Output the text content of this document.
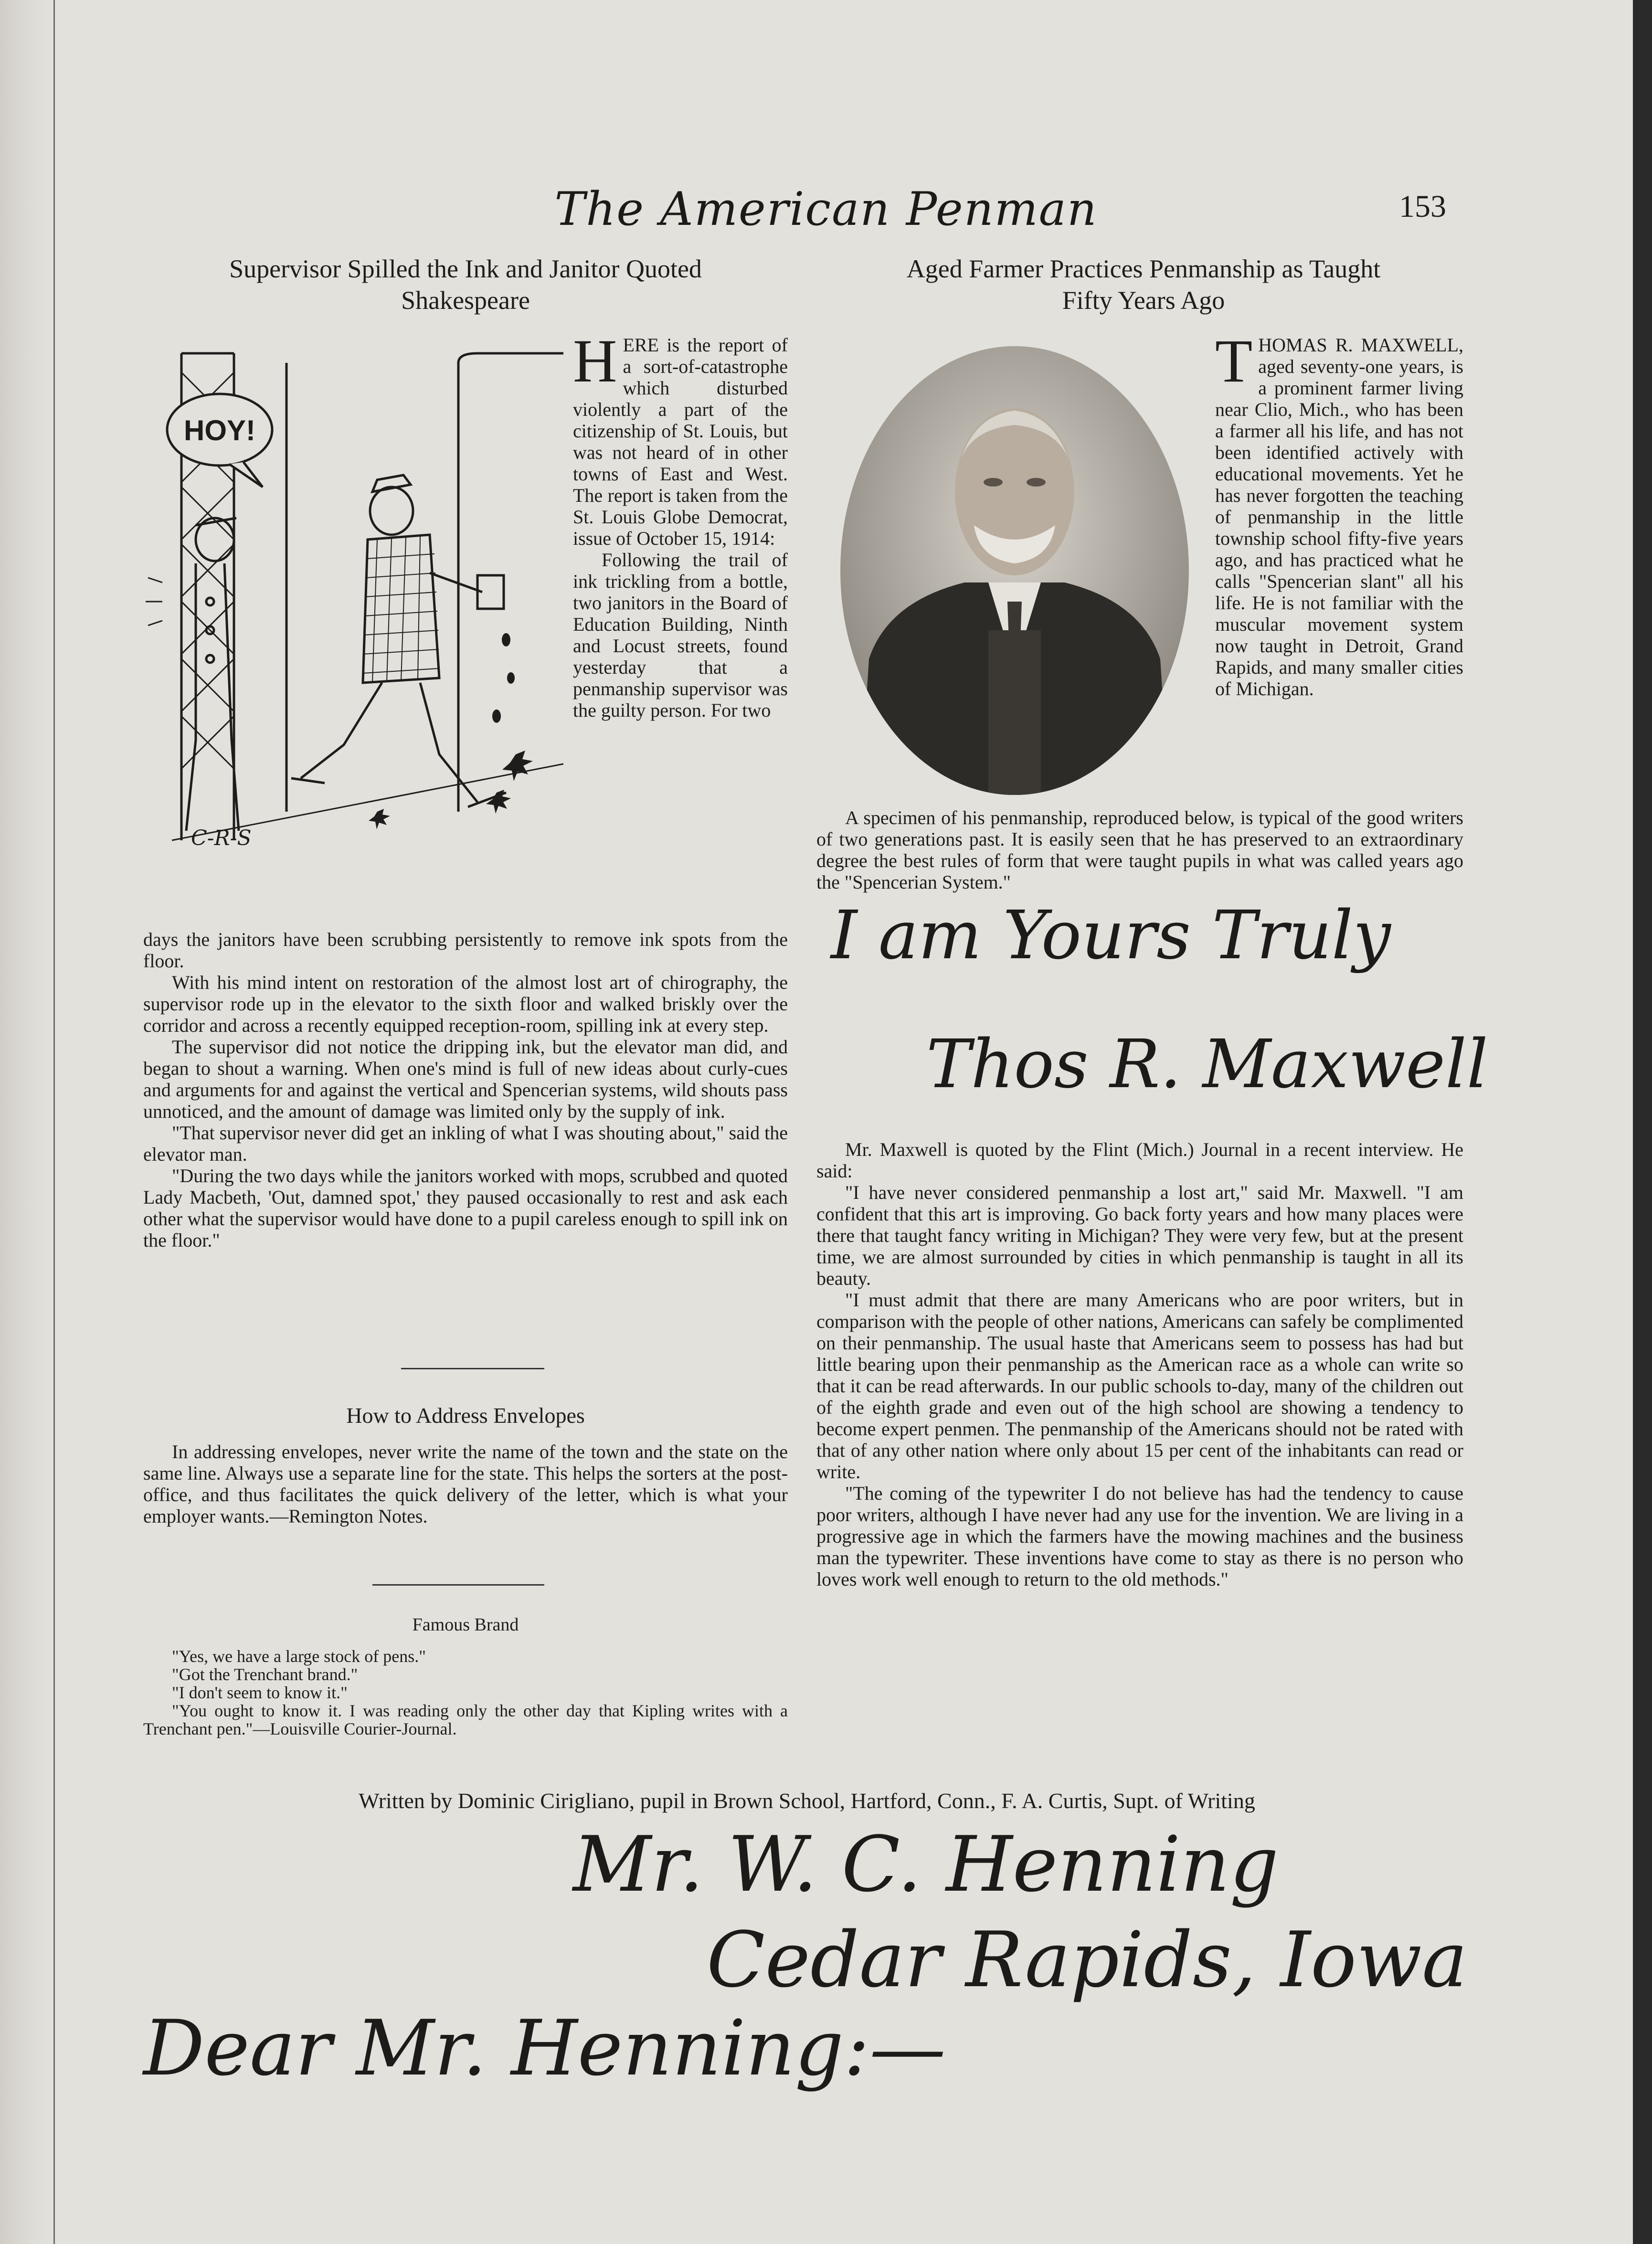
The American Penman	153
Supervisor Spilled the Ink and Janitor Quoted
Shakespeare
HOY!
C-R-S
HERE is the report of a sort-of-catastrophe which disturbed violently a part of the citizenship of St. Louis, but was not heard of in other towns of East and West. The report is taken from the St. Louis Globe Democrat, issue of October 15, 1914:

Following the trail of ink trickling from a bottle, two janitors in the Board of Education Building, Ninth and Locust streets, found yesterday that a penmanship supervisor was the guilty person. For two

days the janitors have been scrubbing persistently to remove ink spots from the floor.

With his mind intent on restoration of the almost lost art of chirography, the supervisor rode up in the elevator to the sixth floor and walked briskly over the corridor and across a recently equipped reception-room, spilling ink at every step.

The supervisor did not notice the dripping ink, but the elevator man did, and began to shout a warning. When one's mind is full of new ideas about curly-cues and arguments for and against the vertical and Spencerian systems, wild shouts pass unnoticed, and the amount of damage was limited only by the supply of ink.

"That supervisor never did get an inkling of what I was shouting about," said the elevator man.

"During the two days while the janitors worked with mops, scrubbed and quoted Lady Macbeth, 'Out, damned spot,' they paused occasionally to rest and ask each other what the supervisor would have done to a pupil careless enough to spill ink on the floor."

How to Address Envelopes

In addressing envelopes, never write the name of the town and the state on the same line. Always use a separate line for the state. This helps the sorters at the post-office, and thus facilitates the quick delivery of the letter, which is what your employer wants.—Remington Notes.

Famous Brand

"Yes, we have a large stock of pens."

"Got the Trenchant brand."

"I don't seem to know it."

"You ought to know it. I was reading only the other day that Kipling writes with a Trenchant pen."—Louisville Courier-Journal.

Aged Farmer Practices Penmanship as Taught
Fifty Years Ago
THOMAS R. MAXWELL, aged seventy-one years, is a prominent farmer living near Clio, Mich., who has been a farmer all his life, and has not been identified actively with educational movements. Yet he has never forgotten the teaching of penmanship in the little township school fifty-five years ago, and has practiced what he calls "Spencerian slant" all his life. He is not familiar with the muscular movement system now taught in Detroit, Grand Rapids, and many smaller cities of Michigan.

A specimen of his penmanship, reproduced below, is typical of the good writers of two generations past. It is easily seen that he has preserved to an extraordinary degree the best rules of form that were taught pupils in what was called years ago the "Spencerian System."

I am Yours Truly
Thos R. Maxwell

Mr. Maxwell is quoted by the Flint (Mich.) Journal in a recent interview. He said:

"I have never considered penmanship a lost art," said Mr. Maxwell. "I am confident that this art is improving. Go back forty years and how many places were there that taught fancy writing in Michigan? They were very few, but at the present time, we are almost surrounded by cities in which penmanship is taught in all its beauty.

"I must admit that there are many Americans who are poor writers, but in comparison with the people of other nations, Americans can safely be complimented on their penmanship. The usual haste that Americans seem to possess has had but little bearing upon their penmanship as the American race as a whole can write so that it can be read afterwards. In our public schools to-day, many of the children out of the eighth grade and even out of the high school are showing a tendency to become expert penmen. The penmanship of the Americans should not be rated with that of any other nation where only about 15 per cent of the inhabitants can read or write.

"The coming of the typewriter I do not believe has had the tendency to cause poor writers, although I have never had any use for the invention. We are living in a progressive age in which the farmers have the mowing machines and the business man the typewriter. These inventions have come to stay as there is no person who loves work well enough to return to the old methods."

Written by Dominic Cirigliano, pupil in Brown School, Hartford, Conn., F. A. Curtis, Supt. of Writing
Mr. W. C. Henning
Cedar Rapids, Iowa
Dear Mr. Henning:—
